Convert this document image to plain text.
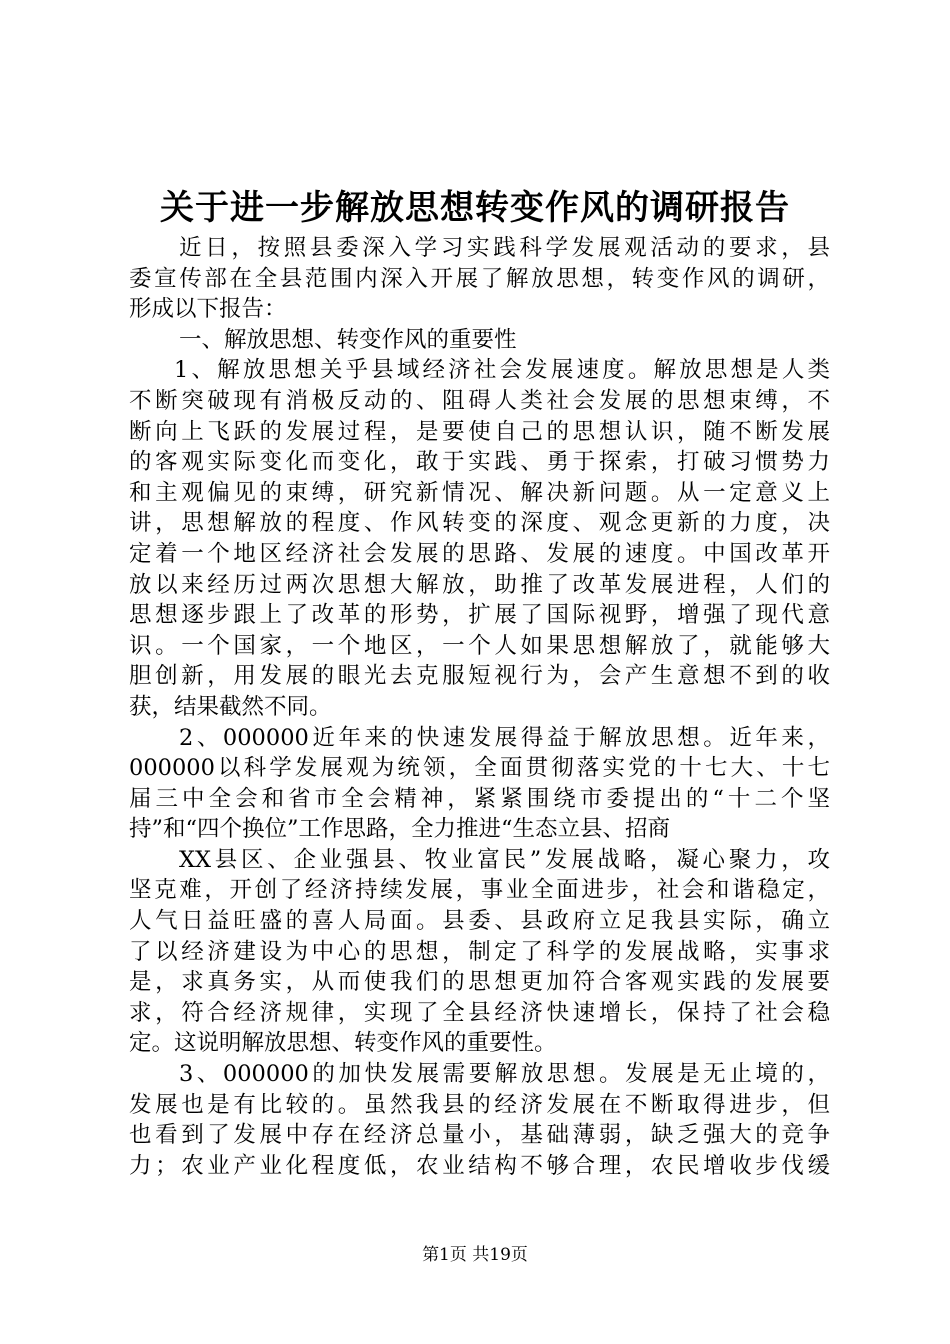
关于进一步解放思想转变作风的调研报告
近日，按照县委深入学习实践科学发展观活动的要求，县
委宣传部在全县范围内深入开展了解放思想，转变作风的调研，
形成以下报告：
一、解放思想、转变作风的重要性
1、解放思想关乎县域经济社会发展速度。解放思想是人类
不断突破现有消极反动的、阻碍人类社会发展的思想束缚，不
断向上飞跃的发展过程，是要使自己的思想认识，随不断发展
的客观实际变化而变化，敢于实践、勇于探索，打破习惯势力
和主观偏见的束缚，研究新情况、解决新问题。从一定意义上
讲，思想解放的程度、作风转变的深度、观念更新的力度，决
定着一个地区经济社会发展的思路、发展的速度。中国改革开
放以来经历过两次思想大解放，助推了改革发展进程，人们的
思想逐步跟上了改革的形势，扩展了国际视野，增强了现代意
识。一个国家，一个地区，一个人如果思想解放了，就能够大
胆创新，用发展的眼光去克服短视行为，会产生意想不到的收
获，结果截然不同。
2、000000近年来的快速发展得益于解放思想。近年来，
000000以科学发展观为统领，全面贯彻落实党的十七大、十七
届三中全会和省市全会精神，紧紧围绕市委提出的“十二个坚
持”和“四个换位”工作思路，全力推进“生态立县、招商
XX县区、企业强县、牧业富民”发展战略，凝心聚力，攻
坚克难，开创了经济持续发展，事业全面进步，社会和谐稳定，
人气日益旺盛的喜人局面。县委、县政府立足我县实际，确立
了以经济建设为中心的思想，制定了科学的发展战略，实事求
是，求真务实，从而使我们的思想更加符合客观实践的发展要
求，符合经济规律，实现了全县经济快速增长，保持了社会稳
定。这说明解放思想、转变作风的重要性。
3、000000的加快发展需要解放思想。发展是无止境的，
发展也是有比较的。虽然我县的经济发展在不断取得进步，但
也看到了发展中存在经济总量小，基础薄弱，缺乏强大的竞争
力；农业产业化程度低，农业结构不够合理，农民增收步伐缓
第1页 共19页
